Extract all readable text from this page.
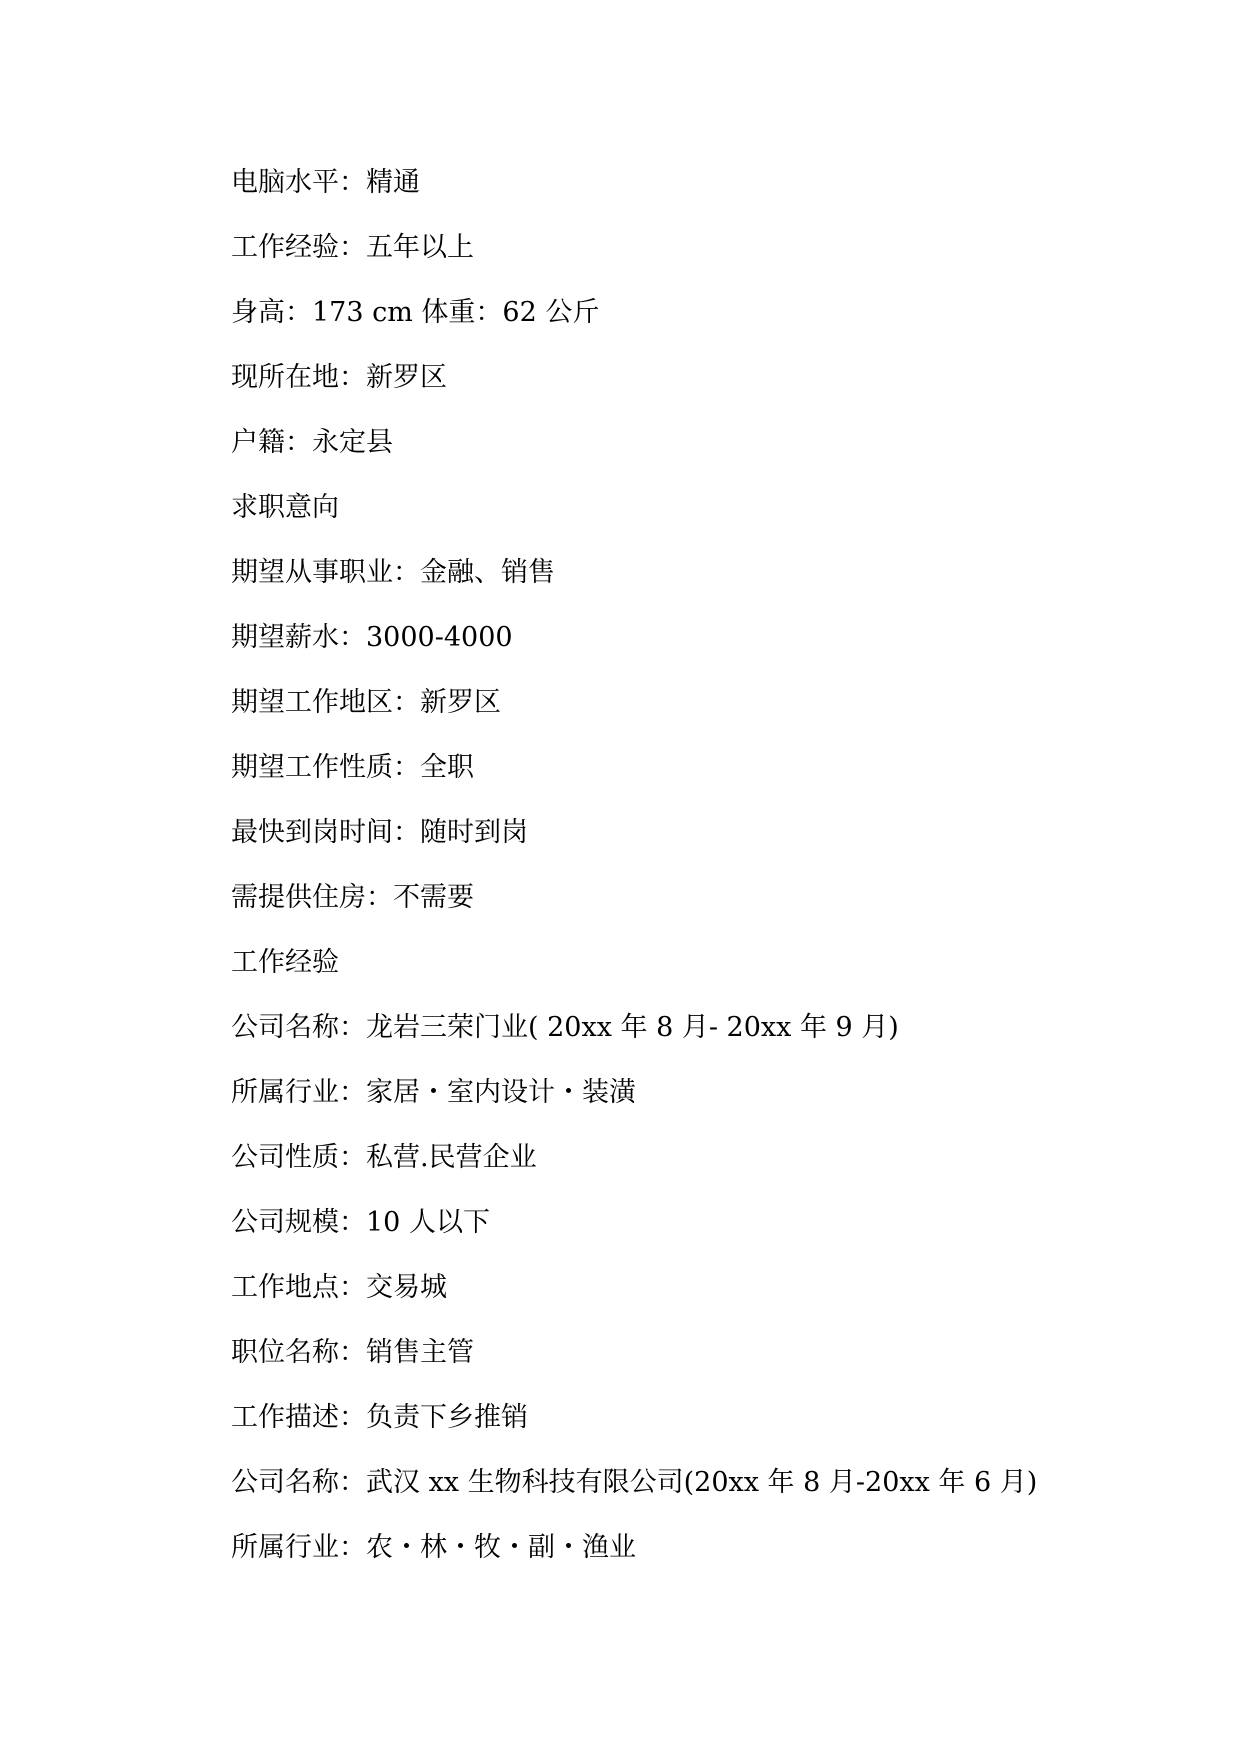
电脑水平：精通
工作经验：五年以上
身高：173 cm 体重：62 公斤
现所在地：新罗区
户籍：永定县
求职意向
期望从事职业：金融、销售
期望薪水：3000-4000
期望工作地区：新罗区
期望工作性质：全职
最快到岗时间：随时到岗
需提供住房：不需要
工作经验
公司名称：龙岩三荣门业( 20xx 年 8 月- 20xx 年 9 月)
所属行业：家居・室内设计・装潢
公司性质：私营.民营企业
公司规模：10 人以下
工作地点：交易城
职位名称：销售主管
工作描述：负责下乡推销
公司名称：武汉 xx 生物科技有限公司(20xx 年 8 月-20xx 年 6 月)
所属行业：农・林・牧・副・渔业
